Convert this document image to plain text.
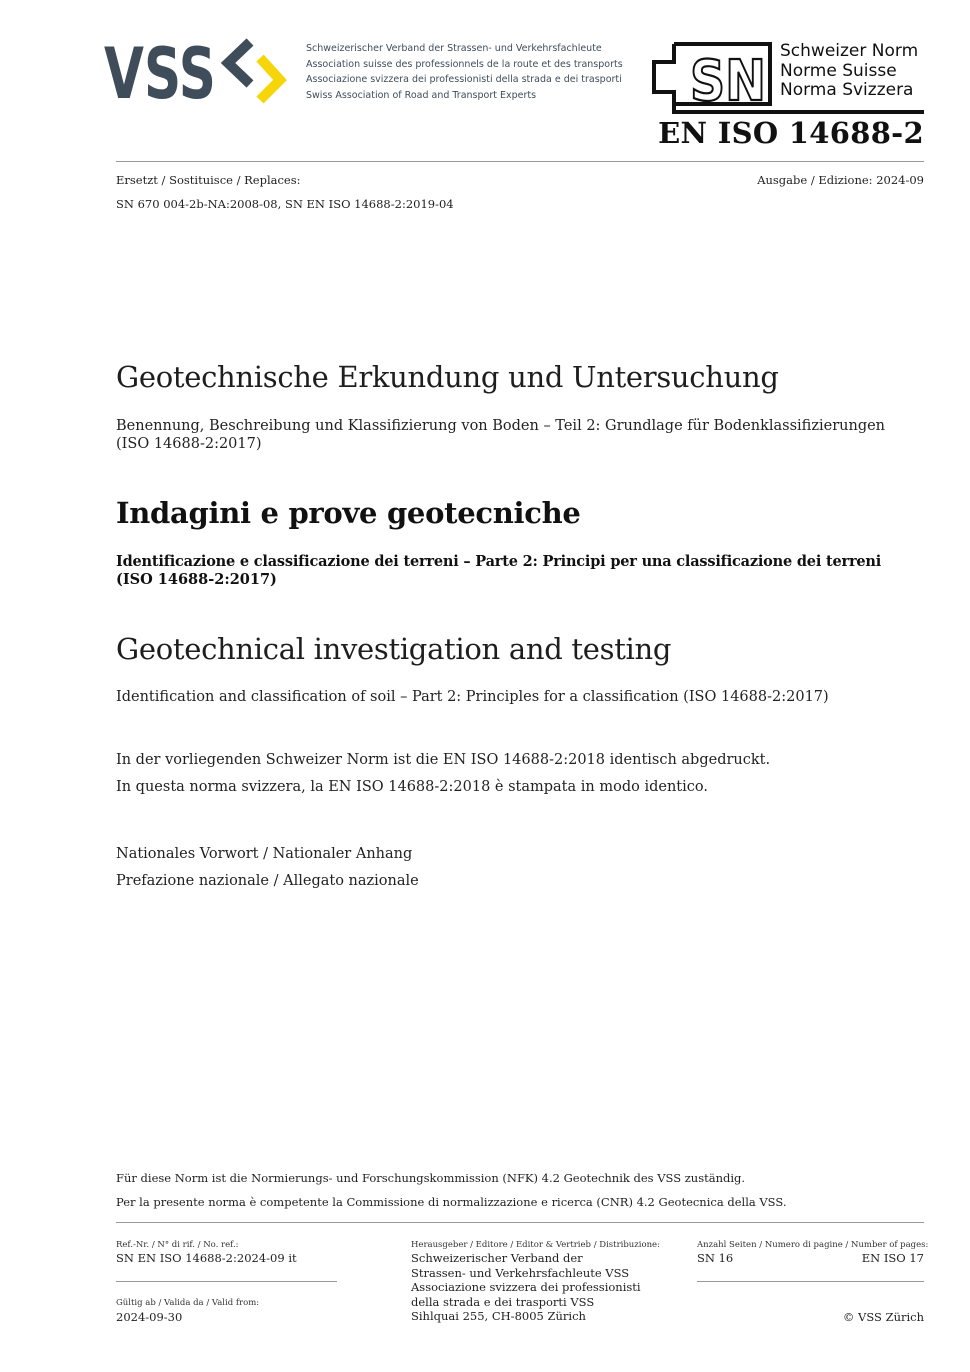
VSS	Schweizerischer Verband der Strassen- und Verkehrsfachleute
Association suisse des professionnels de la route et des transports
Associazione svizzera dei professionisti della strada e dei trasporti
Swiss Association of Road and Transport Experts	SN Schweizer Norm
Norme Suisse
Norma Svizzera
EN ISO 14688-2
Ersetzt / Sostituisce / Replaces:	Ausgabe / Edizione: 2024-09
SN 670 004-2b-NA:2008-08, SN EN ISO 14688-2:2019-04
Geotechnische Erkundung und Untersuchung
Benennung, Beschreibung und Klassifizierung von Boden – Teil 2: Grundlage für Bodenklassifizierungen
(ISO 14688-2:2017)
Indagini e prove geotecniche
Identificazione e classificazione dei terreni – Parte 2: Principi per una classificazione dei terreni
(ISO 14688-2:2017)
Geotechnical investigation and testing
Identification and classification of soil – Part 2: Principles for a classification (ISO 14688-2:2017)
In der vorliegenden Schweizer Norm ist die EN ISO 14688-2:2018 identisch abgedruckt.
In questa norma svizzera, la EN ISO 14688-2:2018 è stampata in modo identico.
Nationales Vorwort / Nationaler Anhang
Prefazione nazionale / Allegato nazionale
Für diese Norm ist die Normierungs- und Forschungskommission (NFK) 4.2 Geotechnik des VSS zuständig.
Per la presente norma è competente la Commissione di normalizzazione e ricerca (CNR) 4.2 Geotecnica della VSS.
Ref.-Nr. / N° di rif. / No. ref.:
SN EN ISO 14688-2:2024-09 it
Gültig ab / Valida da / Valid from:
2024-09-30
Herausgeber / Editore / Editor & Vertrieb / Distribuzione:
Schweizerischer Verband der
Strassen- und Verkehrsfachleute VSS
Associazione svizzera dei professionisti
della strada e dei trasporti VSS
Sihlquai 255, CH-8005 Zürich
Anzahl Seiten / Numero di pagine / Number of pages:
SN 16	EN ISO 17
© VSS Zürich
